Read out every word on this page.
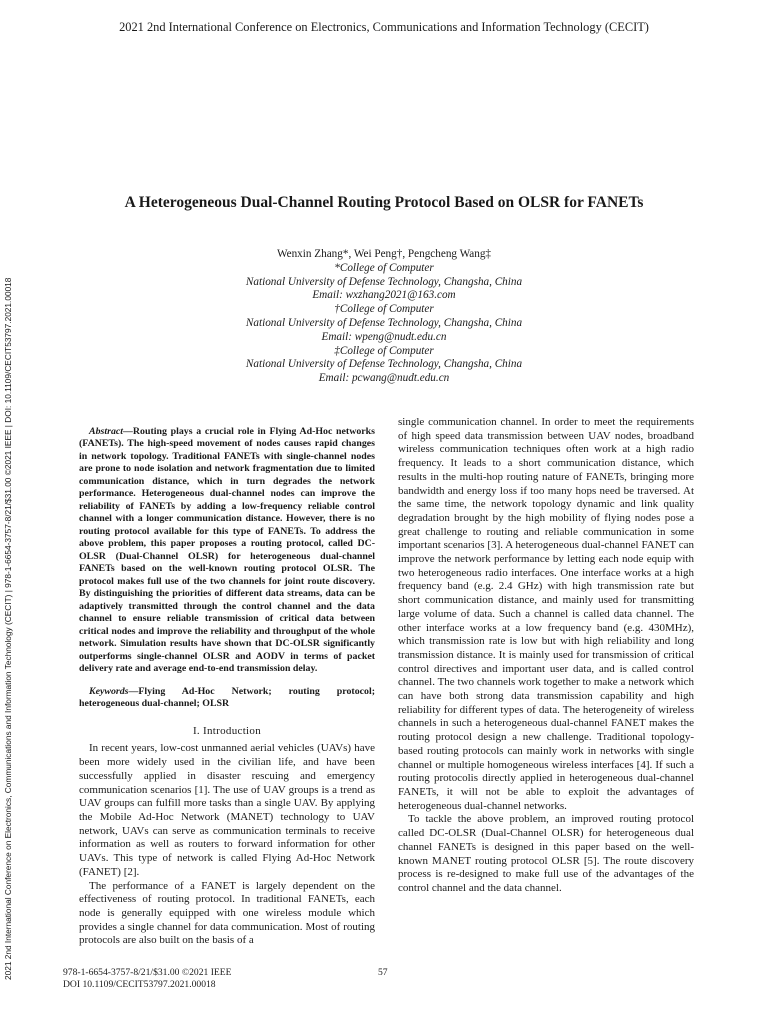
2021 2nd International Conference on Electronics, Communications and Information Technology (CECIT)
2021 2nd International Conference on Electronics, Communications and Information Technology (CECIT) | 978-1-6654-3757-8/21/$31.00 ©2021 IEEE | DOI: 10.1109/CECIT53797.2021.00018
A Heterogeneous Dual-Channel Routing Protocol Based on OLSR for FANETs
Wenxin Zhang*, Wei Peng†, Pengcheng Wang‡
*College of Computer
National University of Defense Technology, Changsha, China
Email: wxzhang2021@163.com
†College of Computer
National University of Defense Technology, Changsha, China
Email: wpeng@nudt.edu.cn
‡College of Computer
National University of Defense Technology, Changsha, China
Email: pcwang@nudt.edu.cn

Abstract—Routing plays a crucial role in Flying Ad-Hoc networks (FANETs). The high-speed movement of nodes causes rapid changes in network topology. Traditional FANETs with single-channel nodes are prone to node isolation and network fragmentation due to limited communication distance, which in turn degrades the network performance. Heterogeneous dual-channel nodes can improve the reliability of FANETs by adding a low-frequency reliable control channel with a longer communication distance. However, there is no routing protocol available for this type of FANETs. To address the above problem, this paper proposes a routing protocol, called DC-OLSR (Dual-Channel OLSR) for heterogeneous dual-channel FANETs based on the well-known routing protocol OLSR. The protocol makes full use of the two channels for joint route discovery. By distinguishing the priorities of different data streams, data can be adaptively transmitted through the control channel and the data channel to ensure reliable transmission of critical data between critical nodes and improve the reliability and throughput of the whole network. Simulation results have shown that DC-OLSR significantly outperforms single-channel OLSR and AODV in terms of packet delivery rate and average end-to-end transmission delay.

Keywords—Flying Ad-Hoc Network; routing protocol; heterogeneous dual-channel; OLSR

I. Introduction

In recent years, low-cost unmanned aerial vehicles (UAVs) have been more widely used in the civilian life, and have been successfully applied in disaster rescuing and emergency communication scenarios [1]. The use of UAV groups is a trend as UAV groups can fulfill more tasks than a single UAV. By applying the Mobile Ad-Hoc Network (MANET) technology to UAV network, UAVs can serve as communication terminals to receive information as well as routers to forward information for other UAVs. This type of network is called Flying Ad-Hoc Network (FANET) [2].

The performance of a FANET is largely dependent on the effectiveness of routing protocol. In traditional FANETs, each node is generally equipped with one wireless module which provides a single channel for data communication. Most of routing protocols are also built on the basis of a

single communication channel. In order to meet the requirements of high speed data transmission between UAV nodes, broadband wireless communication techniques often work at a high radio frequency. It leads to a short communication distance, which results in the multi-hop routing nature of FANETs, bringing more bandwidth and energy loss if too many hops need be traversed. At the same time, the network topology dynamic and link quality degradation brought by the high mobility of flying nodes pose a great challenge to routing and reliable communication in some important scenarios [3]. A heterogeneous dual-channel FANET can improve the network performance by letting each node equip with two heterogeneous radio interfaces. One interface works at a high frequency band (e.g. 2.4 GHz) with high transmission rate but short communication distance, and mainly used for transmitting large volume of data. Such a channel is called data channel. The other interface works at a low frequency band (e.g. 430MHz), which transmission rate is low but with high reliability and long transmission distance. It is mainly used for transmission of critical control directives and important user data, and is called control channel. The two channels work together to make a network which can have both strong data transmission capability and high reliability for different types of data. The heterogeneity of wireless channels in such a heterogeneous dual-channel FANET makes the routing protocol design a new challenge. Traditional topology-based routing protocols can mainly work in networks with single channel or multiple homogeneous wireless interfaces [4]. If such a routing protocolis directly applied in heterogeneous dual-channel FANETs, it will not be able to exploit the advantages of heterogeneous dual-channel networks.

To tackle the above problem, an improved routing protocol called DC-OLSR (Dual-Channel OLSR) for heterogeneous dual channel FANETs is designed in this paper based on the well-known MANET routing protocol OLSR [5]. The route discovery process is re-designed to make full use of the advantages of the control channel and the data channel.

978-1-6654-3757-8/21/$31.00 ©2021 IEEE
DOI 10.1109/CECIT53797.2021.00018
57
